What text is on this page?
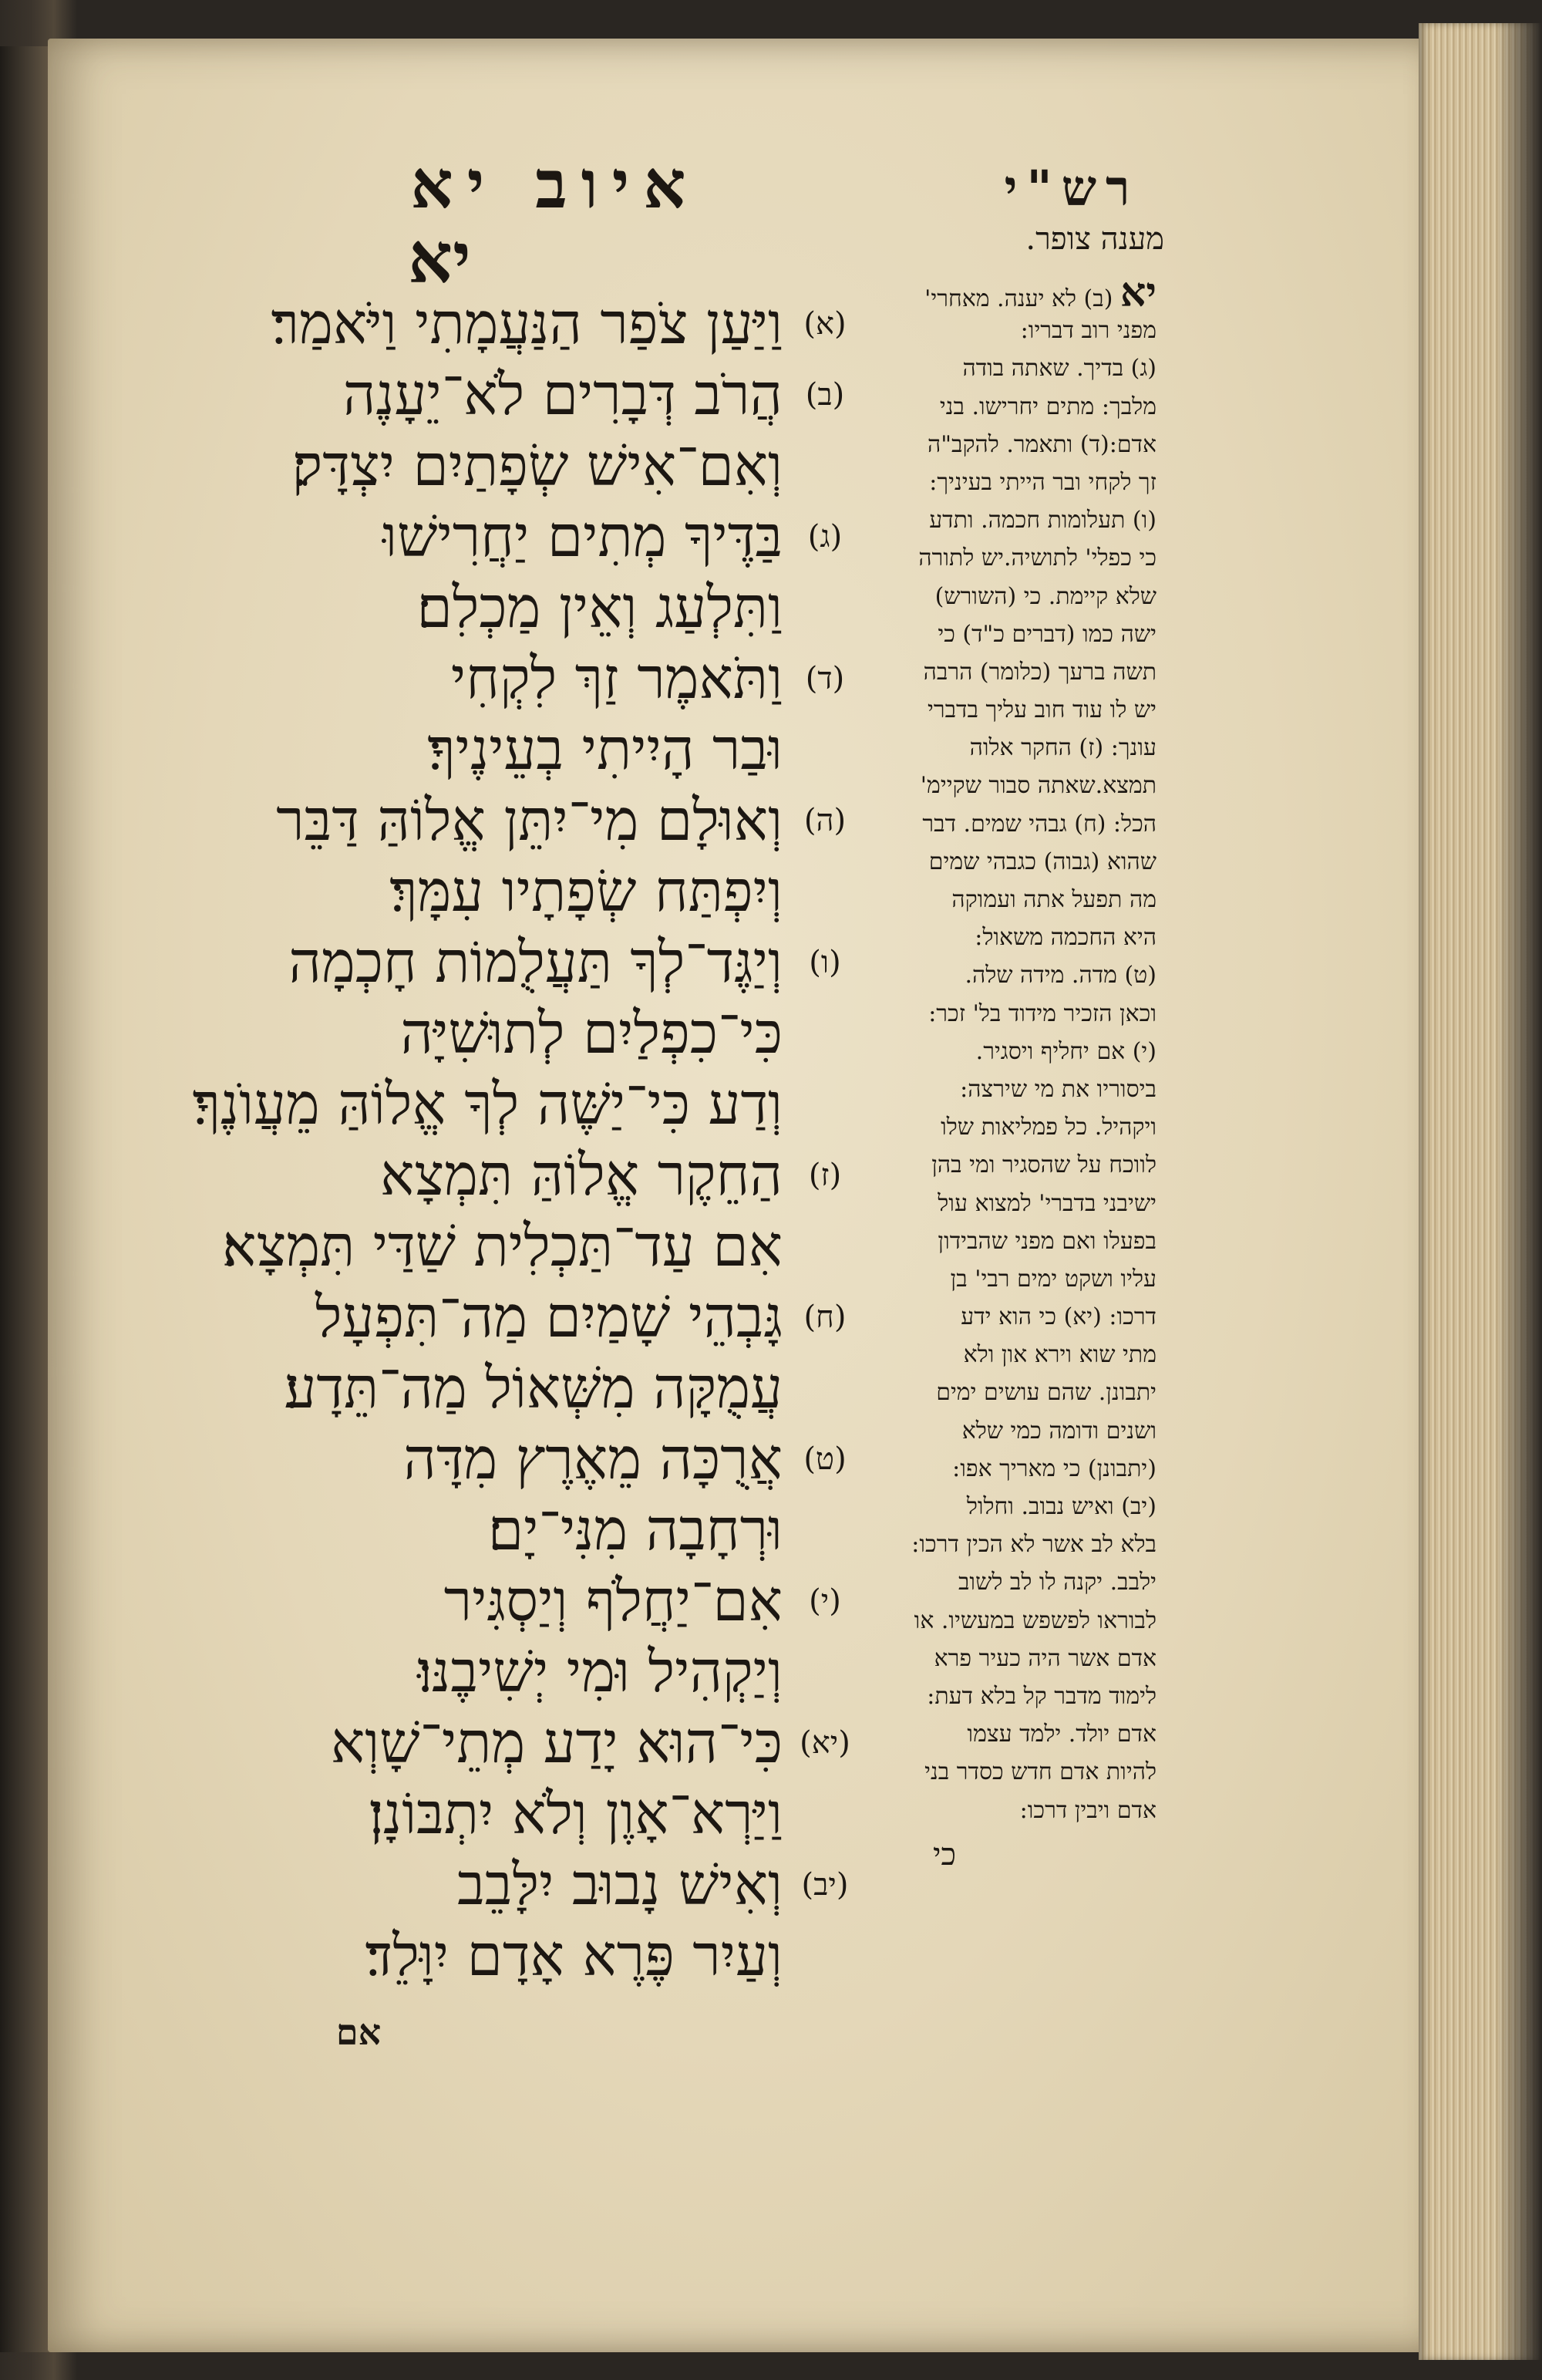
איוב יא	רש"י
יא	מענה צופר.
(א)
וַיַּעַן צֹפַר הַנַּעֲמָתִי וַיֹּאמַר׃
(ב)
הֲרֹב דְּבָרִים לֹא־יֵעָנֶה
וְאִם־אִישׁ שְׂפָתַיִם יִצְדָּק׃
(ג)
בַּדֶּיךָ מְתִים יַחֲרִישׁוּ
וַתִּלְעַג וְאֵין מַכְלִם׃
(ד)
וַתֹּאמֶר זַךְ לִקְחִי
וּבַר הָיִיתִי בְעֵינֶיךָ׃
(ה)
וְאוּלָם מִי־יִתֵּן אֱלוֹהַּ דַּבֵּר
וְיִפְתַּח שְׂפָתָיו עִמָּךְ׃
(ו)
וְיַגֶּד־לְךָ תַּעֲלֻמוֹת חָכְמָה
כִּי־כִפְלַיִם לְתוּשִׁיָּה
וְדַע כִּי־יַשֶּׁה לְךָ אֱלוֹהַּ מֵעֲוֺנֶךָ׃
(ז)
הַחֵקֶר אֱלוֹהַּ תִּמְצָא
אִם עַד־תַּכְלִית שַׁדַּי תִּמְצָא׃
(ח)
גָּבְהֵי שָׁמַיִם מַה־תִּפְעָל
עֲמֻקָּה מִשְּׁאוֹל מַה־תֵּדָע׃
(ט)
אֲרֻכָּה מֵאֶרֶץ מִדָּה
וּרְחָבָה מִנִּי־יָם׃
(י)
אִם־יַחֲלֹף וְיַסְגִּיר
וְיַקְהִיל וּמִי יְשִׁיבֶנּוּ׃
(יא)
כִּי־הוּא יָדַע מְתֵי־שָׁוְא
וַיַּרְא־אָוֶן וְלֹא יִתְבּוֹנָן׃
(יב)
וְאִישׁ נָבוּב יִלָּבֵב
וְעַיִר פֶּרֶא אָדָם יִוָּלֵד׃
יא (ב) לא יענה. מאחרי'
מפני רוב דבריו:
(ג) בדיך. שאתה בודה
מלבך: מתים יחרישו. בני
אדם:(ד) ותאמר. להקב"ה
זך לקחי ובר הייתי בעיניך:
(ו) תעלומות חכמה. ותדע
כי כפלי' לתושיה.יש לתורה
שלא קיימת. כי (השורש)
ישה כמו (דברים כ"ד) כי
תשה ברעך (כלומר) הרבה
יש לו עוד חוב עליך בדברי
עונך: (ז) החקר אלוה
תמצא.שאתה סבור שקיימ'
הכל: (ח) גבהי שמים. דבר
שהוא (גבוה) כגבהי שמים
מה תפעל אתה ועמוקה
היא החכמה משאול:
(ט) מדה. מידה שלה.
וכאן הזכיר מידוד בל' זכר:
(י) אם יחליף ויסגיר.
ביסוריו את מי שירצה:
ויקהיל. כל פמליאות שלו
לווכח על שהסגיר ומי בהן
ישיבני בדברי' למצוא עול
בפעלו ואם מפני שהבידון
עליו ושקט ימים רבי' בן
דרכו: (יא) כי הוא ידע
מתי שוא וירא און ולא
יתבונן. שהם עושים ימים
ושנים ודומה כמי שלא
(יתבונן) כי מאריך אפו:
(יב) ואיש נבוב. וחלול
בלא לב אשר לא הכין דרכו:
ילבב. יקנה לו לב לשוב
לבוראו לפשפש במעשיו. או
אדם אשר היה כעיר פרא
לימוד מדבר קל בלא דעת:
אדם יולד. ילמד עצמו
להיות אדם חדש כסדר בני
אדם ויבין דרכו:
כי
אם
